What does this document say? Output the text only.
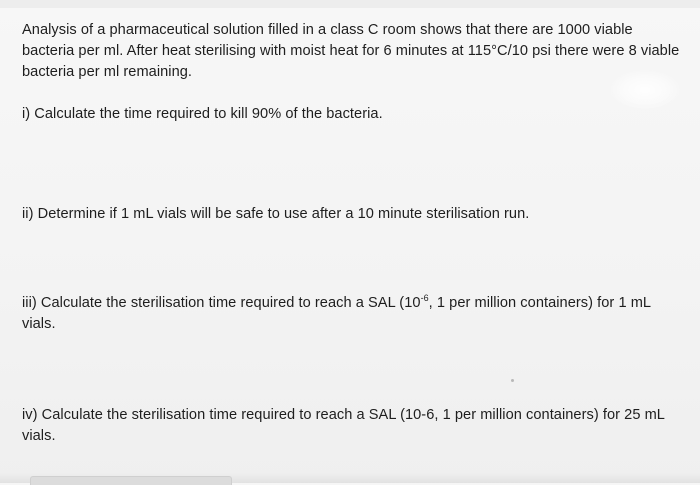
Analysis of a pharmaceutical solution filled in a class C room shows that there are 1000 viable bacteria per ml. After heat sterilising with moist heat for 6 minutes at 115°C/10 psi there were 8 viable bacteria per ml remaining.

i) Calculate the time required to kill 90% of the bacteria.

ii) Determine if 1 mL vials will be safe to use after a 10 minute sterilisation run.

iii) Calculate the sterilisation time required to reach a SAL ($10^{-6}$, 1 per million containers) for 1 mL vials.

iv) Calculate the sterilisation time required to reach a SAL (10-6, 1 per million containers) for 25 mL vials.
